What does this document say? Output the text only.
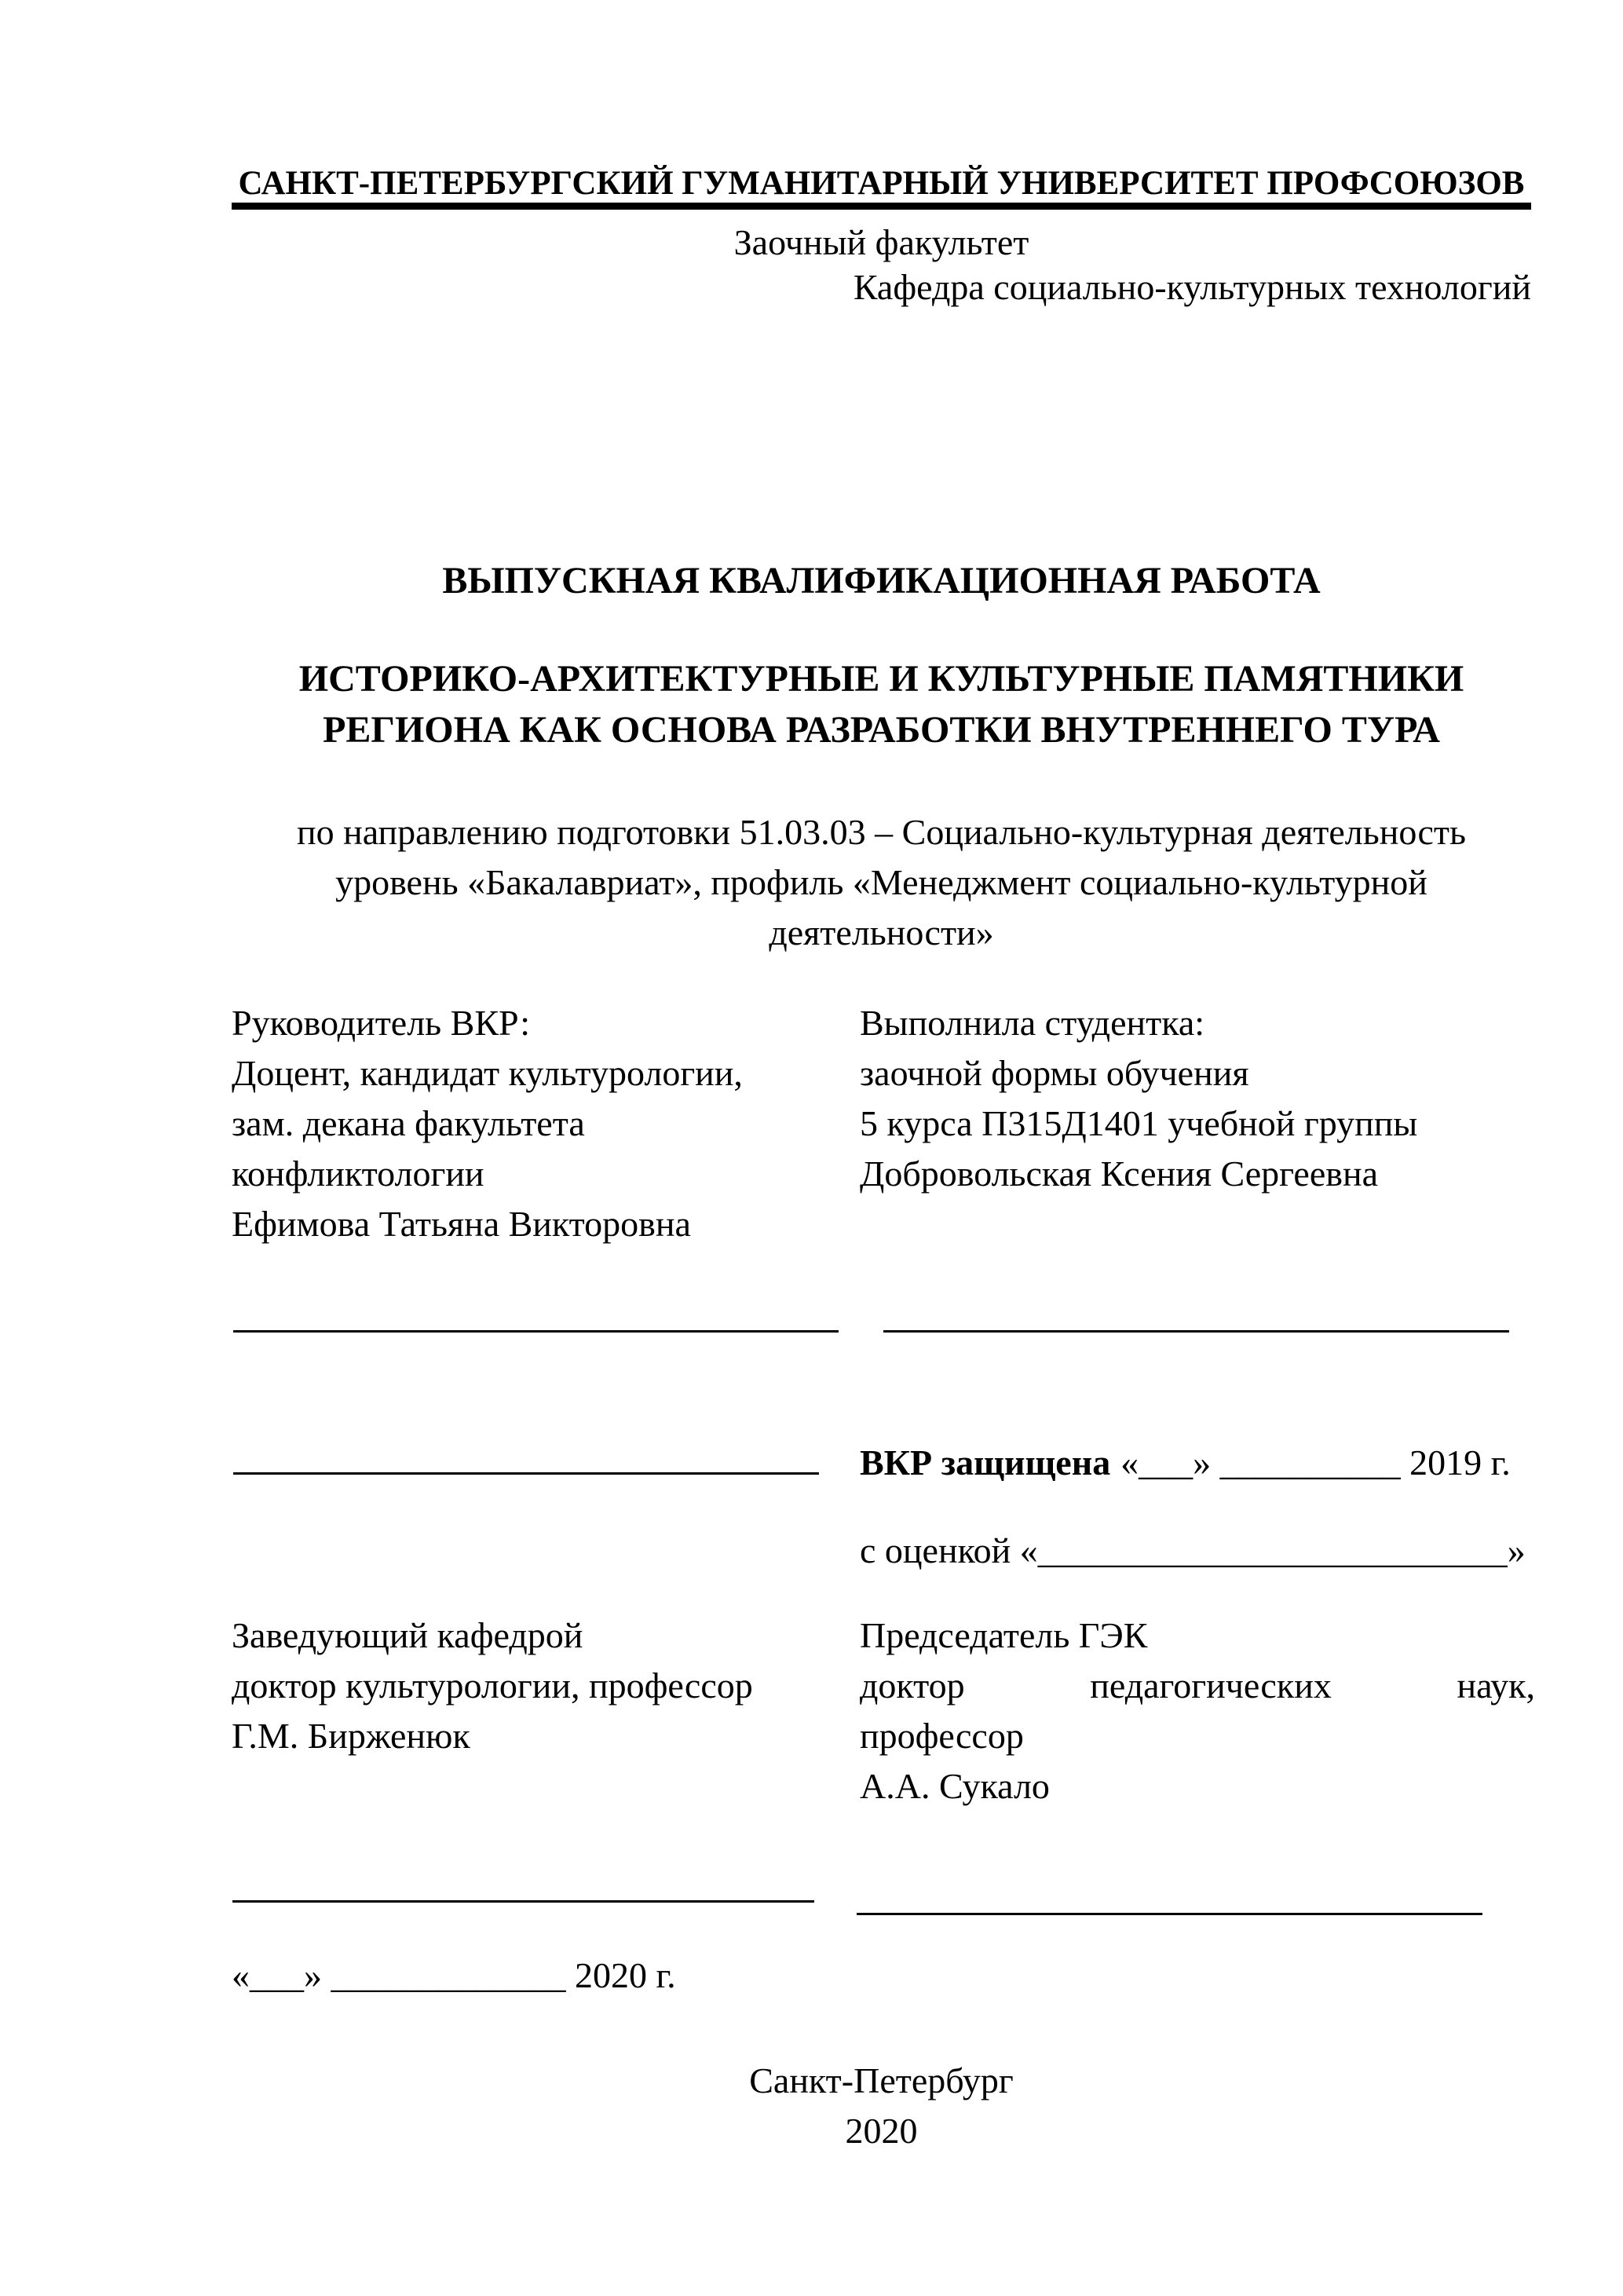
САНКТ-ПЕТЕРБУРГСКИЙ ГУМАНИТАРНЫЙ УНИВЕРСИТЕТ ПРОФСОЮЗОВ
Заочный факультет
Кафедра социально-культурных технологий
ВЫПУСКНАЯ КВАЛИФИКАЦИОННАЯ РАБОТА
ИСТОРИКО-АРХИТЕКТУРНЫЕ И КУЛЬТУРНЫЕ ПАМЯТНИКИ
РЕГИОНА КАК ОСНОВА РАЗРАБОТКИ ВНУТРЕННЕГО ТУРА
по направлению подготовки 51.03.03 – Социально-культурная деятельность
уровень «Бакалавриат», профиль «Менеджмент социально-культурной
деятельности»
Руководитель ВКР:
Доцент, кандидат культурологии,
зам. декана факультета
конфликтологии
Ефимова Татьяна Викторовна
Выполнила студентка:
заочной формы обучения
5 курса П315Д1401 учебной группы
Добровольская Ксения Сергеевна
ВКР защищена «___» __________ 2019 г.
с оценкой «__________________________»
Заведующий кафедрой
доктор культурологии, профессор
Г.М. Бирженюк
Председатель ГЭК
доктор	педагогических	наук,
профессор
А.А. Сукало
«___» _____________ 2020 г.
Санкт-Петербург
2020
